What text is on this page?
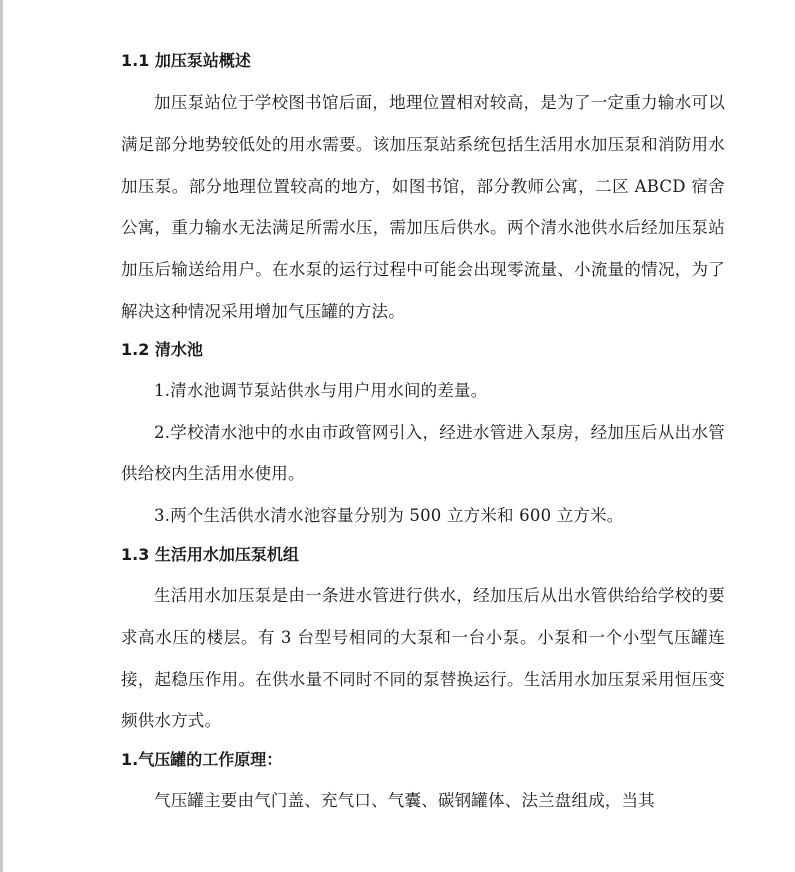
1.1 加压泵站概述

加压泵站位于学校图书馆后面，地理位置相对较高，是为了一定重力输水可以满足部分地势较低处的用水需要。该加压泵站系统包括生活用水加压泵和消防用水加压泵。部分地理位置较高的地方，如图书馆，部分教师公寓，二区 ABCD 宿舍公寓，重力输水无法满足所需水压，需加压后供水。两个清水池供水后经加压泵站加压后输送给用户。在水泵的运行过程中可能会出现零流量、小流量的情况，为了解决这种情况采用增加气压罐的方法。

1.2 清水池

1.清水池调节泵站供水与用户用水间的差量。

2.学校清水池中的水由市政管网引入，经进水管进入泵房，经加压后从出水管供给校内生活用水使用。

3.两个生活供水清水池容量分别为 500 立方米和 600 立方米。

1.3 生活用水加压泵机组

生活用水加压泵是由一条进水管进行供水，经加压后从出水管供给给学校的要求高水压的楼层。有 3 台型号相同的大泵和一台小泵。小泵和一个小型气压罐连接，起稳压作用。在供水量不同时不同的泵替换运行。生活用水加压泵采用恒压变频供水方式。

1.气压罐的工作原理：

气压罐主要由气门盖、充气口、气囊、碳钢罐体、法兰盘组成，当其
